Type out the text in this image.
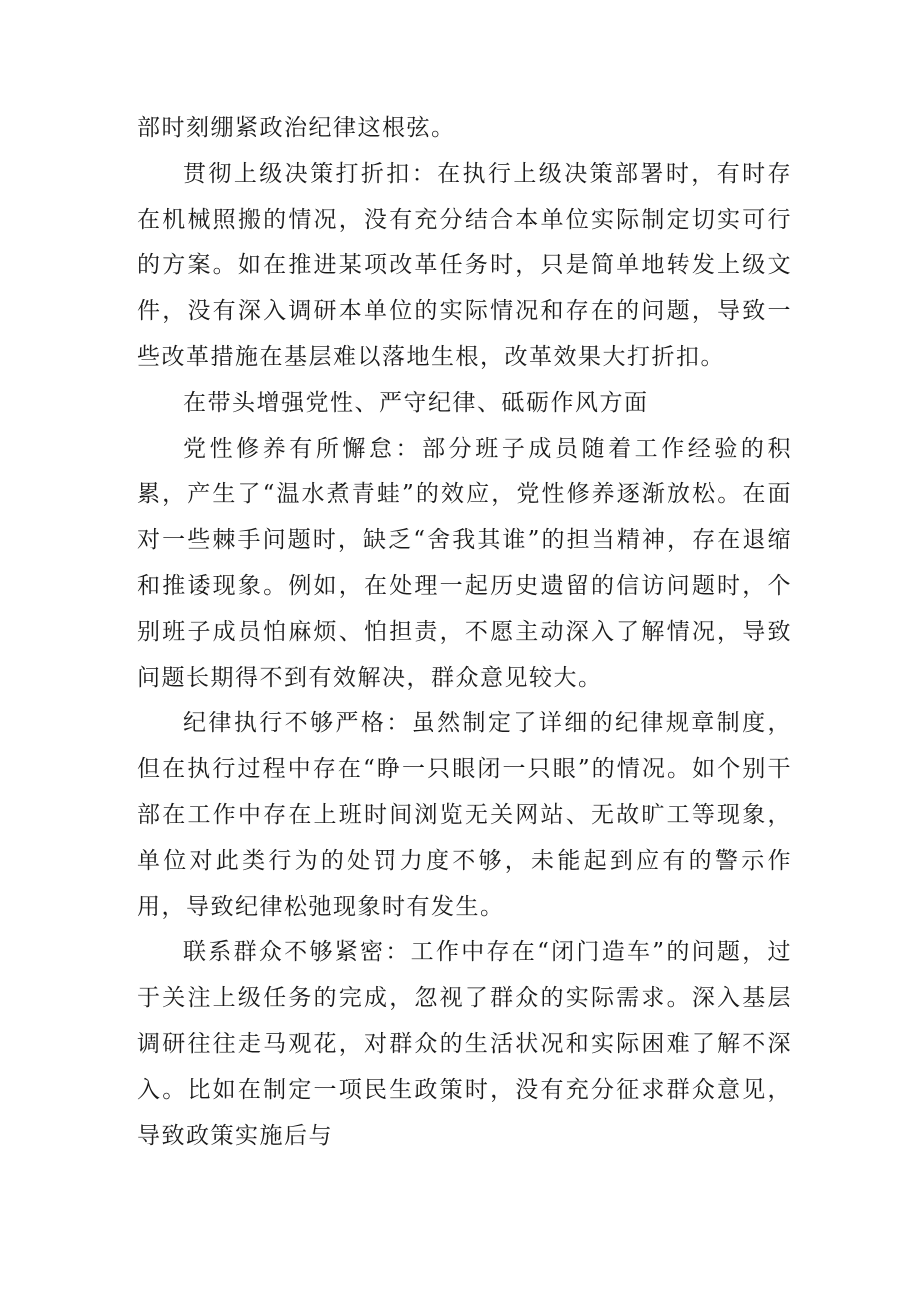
部时刻绷紧政治纪律这根弦。

贯彻上级决策打折扣：在执行上级决策部署时，有时存在机械照搬的情况，没有充分结合本单位实际制定切实可行的方案。如在推进某项改革任务时，只是简单地转发上级文件，没有深入调研本单位的实际情况和存在的问题，导致一些改革措施在基层难以落地生根，改革效果大打折扣。

在带头增强党性、严守纪律、砥砺作风方面

党性修养有所懈怠：部分班子成员随着工作经验的积累，产生了“温水煮青蛙”的效应，党性修养逐渐放松。在面对一些棘手问题时，缺乏“舍我其谁”的担当精神，存在退缩和推诿现象。例如，在处理一起历史遗留的信访问题时，个别班子成员怕麻烦、怕担责，不愿主动深入了解情况，导致问题长期得不到有效解决，群众意见较大。

纪律执行不够严格：虽然制定了详细的纪律规章制度，但在执行过程中存在“睁一只眼闭一只眼”的情况。如个别干部在工作中存在上班时间浏览无关网站、无故旷工等现象，单位对此类行为的处罚力度不够，未能起到应有的警示作用，导致纪律松弛现象时有发生。

联系群众不够紧密：工作中存在“闭门造车”的问题，过于关注上级任务的完成，忽视了群众的实际需求。深入基层调研往往走马观花，对群众的生活状况和实际困难了解不深入。比如在制定一项民生政策时，没有充分征求群众意见，导致政策实施后与
